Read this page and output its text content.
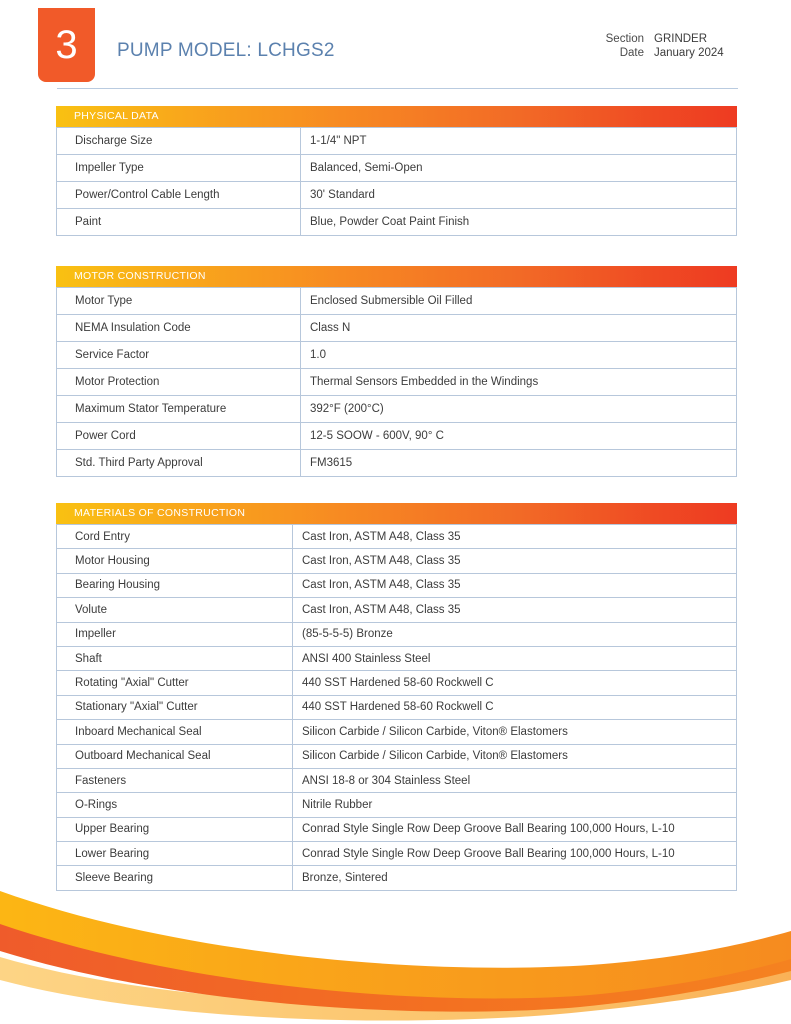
3	PUMP MODEL: LCHGS2
Section GRINDER
Date January 2024
PHYSICAL DATA
Discharge Size	1-1/4" NPT
Impeller Type	Balanced, Semi-Open
Power/Control Cable Length	30' Standard
Paint	Blue, Powder Coat Paint Finish
MOTOR CONSTRUCTION
Motor Type	Enclosed Submersible Oil Filled
NEMA Insulation Code	Class N
Service Factor	1.0
Motor Protection	Thermal Sensors Embedded in the Windings
Maximum Stator Temperature	392°F (200°C)
Power Cord	12-5 SOOW - 600V, 90° C
Std. Third Party Approval	FM3615
MATERIALS OF CONSTRUCTION
Cord Entry	Cast Iron, ASTM A48, Class 35
Motor Housing	Cast Iron, ASTM A48, Class 35
Bearing Housing	Cast Iron, ASTM A48, Class 35
Volute	Cast Iron, ASTM A48, Class 35
Impeller	(85-5-5-5) Bronze
Shaft	ANSI 400 Stainless Steel
Rotating "Axial" Cutter	440 SST Hardened 58-60 Rockwell C
Stationary "Axial" Cutter	440 SST Hardened 58-60 Rockwell C
Inboard Mechanical Seal	Silicon Carbide / Silicon Carbide, Viton® Elastomers
Outboard Mechanical Seal	Silicon Carbide / Silicon Carbide, Viton® Elastomers
Fasteners	ANSI 18-8 or 304 Stainless Steel
O-Rings	Nitrile Rubber
Upper Bearing	Conrad Style Single Row Deep Groove Ball Bearing 100,000 Hours, L-10
Lower Bearing	Conrad Style Single Row Deep Groove Ball Bearing 100,000 Hours, L-10
Sleeve Bearing	Bronze, Sintered
